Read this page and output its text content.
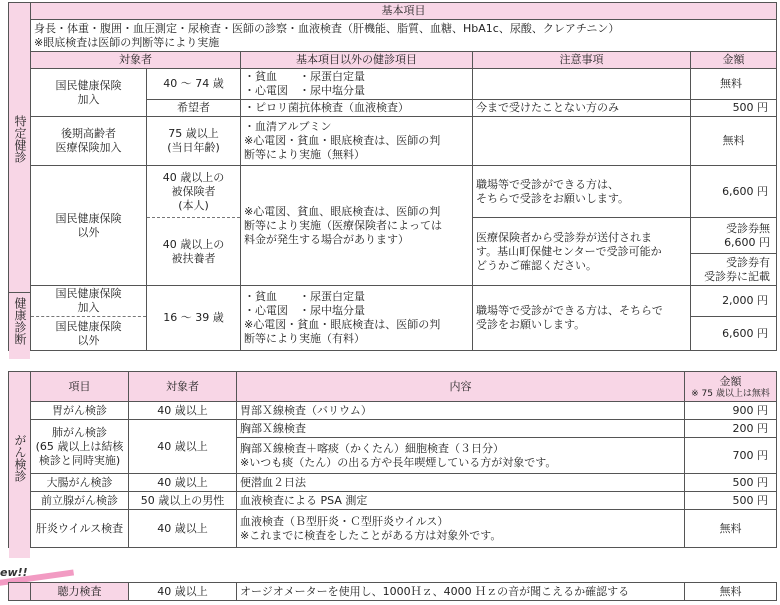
	基本項目				
	身長・体重・腹囲・血圧測定・尿検査・医師の診察・血液検査（肝機能、脂質、血糖、HbA1c、尿酸、クレアチニン）
※眼底検査は医師の判断等により実施				
	対象者		基本項目以外の健診項目	注意事項	金額
	国民健康保険
加入	40 ～ 74 歳	・貧血　　・尿蛋白定量
・心電図　・尿中塩分量		無料
		希望者	・ピロリ菌抗体検査（血液検査）	今まで受けたことない方のみ	500 円
	後期高齢者
医療保険加入	75 歳以上
(当日年齢)	・血清アルブミン
※心電図・貧血・眼底検査は、医師の判
断等により実施（無料）		無料
	国民健康保険
以外	40 歳以上の
被保険者
(本人)	※心電図、貧血、眼底検査は、医師の判
断等により実施（医療保険者によっては
料金が発生する場合があります）	職場等で受診ができる方は、
そちらで受診をお願いします。	6,600 円
		40 歳以上の
被扶養者		医療保険者から受診券が送付されま
す。基山町保健センターで受診可能か
どうかご確認ください。	受診券無
6,600 円
					受診券有
受診券に記載
	国民健康保険
加入	16 ～ 39 歳	・貧血　　・尿蛋白定量
・心電図　・尿中塩分量
※心電図・貧血・眼底検査は、医師の判
断等により実施（有料）	職場等で受診ができる方は、そちらで
受診をお願いします。	2,000 円
	国民健康保険
以外				6,600 円
健康診断
特定健診
	項目	対象者	内容	金額
※ 75 歳以上は無料

	胃がん検診	40 歳以上	胃部Ｘ線検査（バリウム）	900 円
	肺がん検診
(65 歳以上は結核
検診と同時実施)	40 歳以上	胸部Ｘ線検査	200 円
			胸部Ｘ線検査＋喀痰（かくたん）細胞検査（３日分）
※いつも痰（たん）の出る方や長年喫煙している方が対象です。	700 円
	大腸がん検診	40 歳以上	便潜血２日法	500 円
	前立腺がん検診	50 歳以上の男性	血液検査による PSA 測定	500 円
	肝炎ウイルス検査	40 歳以上	血液検査（Ｂ型肝炎・Ｃ型肝炎ウイルス）
※これまでに検査をしたことがある方は対象外です。	無料
がん検診
ew!!
	聴力検査	40 歳以上	オージオメーターを使用し、1000Ｈｚ、4000 Ｈｚの音が聞こえるか確認する	無料
